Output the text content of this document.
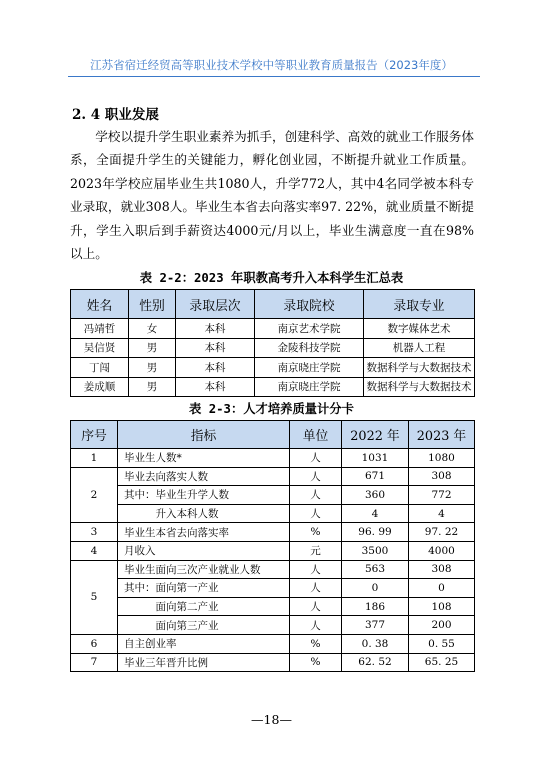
江苏省宿迁经贸高等职业技术学校中等职业教育质量报告（2023年度）
2. 4 职业发展
学校以提升学生职业素养为抓手，创建科学、高效的就业工作服务体系，全面提升学生的关键能力，孵化创业园，不断提升就业工作质量。2023年学校应届毕业生共1080人，升学772人，其中4名同学被本科专业录取，就业308人。毕业生本省去向落实率97. 22%，就业质量不断提升，学生入职后到手薪资达4000元/月以上，毕业生满意度一直在98%以上。
表 2-2：2023 年职教高考升入本科学生汇总表
姓名	性别	录取层次	录取院校	录取专业
冯靖哲	女	本科	南京艺术学院	数字媒体艺术
吴信贤	男	本科	金陵科技学院	机器人工程
丁闯	男	本科	南京晓庄学院	数据科学与大数据技术
姜成顺	男	本科	南京晓庄学院	数据科学与大数据技术
表 2-3：人才培养质量计分卡
序号	指标	单位	2022 年	2023 年
1	毕业生人数*	人	1031	1080
2	毕业去向落实人数	人	671	308
	其中：毕业生升学人数	人	360	772
	　　　升入本科人数	人	4	4
3	毕业生本省去向落实率	%	96. 99	97. 22
4	月收入	元	3500	4000
5	毕业生面向三次产业就业人数	人	563	308
	其中：面向第一产业	人	0	0
	　　　面向第二产业	人	186	108
	　　　面向第三产业	人	377	200
6	自主创业率	%	0. 38	0. 55
7	毕业三年晋升比例	%	62. 52	65. 25
—18—
